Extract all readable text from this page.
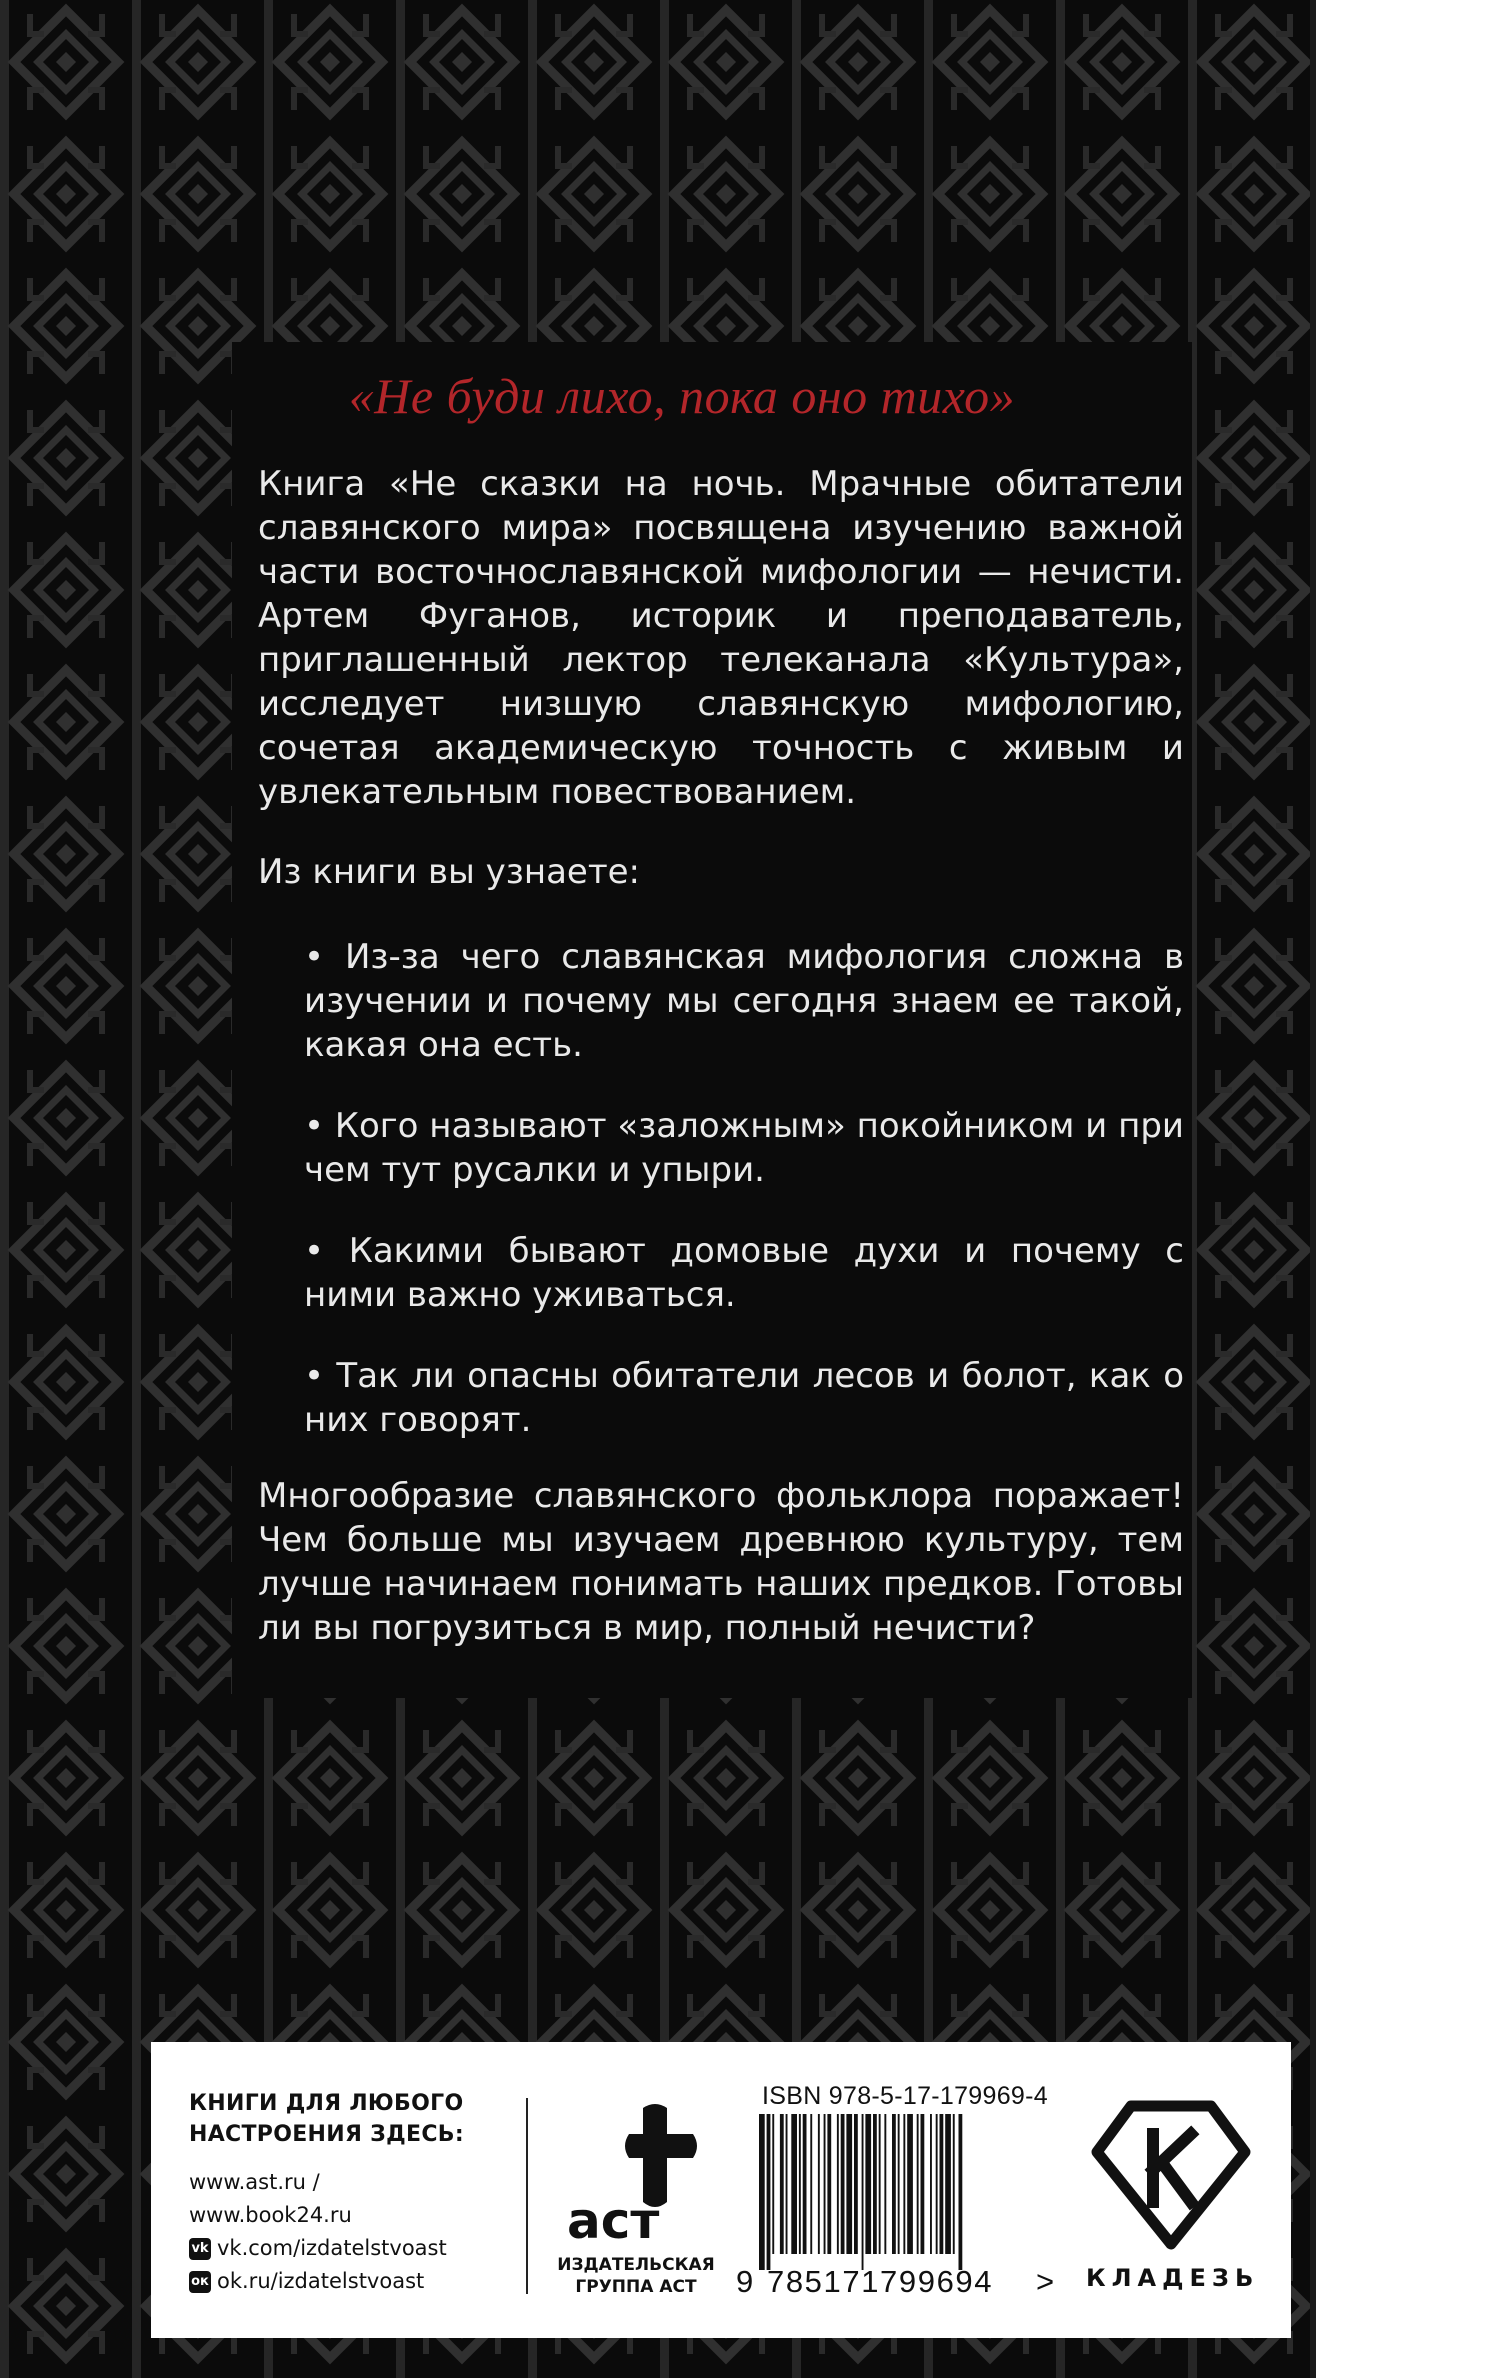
«Не буди лихо, пока оно тихо»
Книга «Не сказки на ночь. Мрачные обитатели славянского мира» посвящена изучению важной части восточнославянской мифологии — нечисти. Артем Фуганов, историк и преподаватель, приглашенный лектор телеканала «Культура», исследует низшую славянскую мифологию, сочетая академическую точность с живым и увлекательным повествованием.
Из книги вы узнаете:
• Из-за чего славянская мифология сложна в изучении и почему мы сегодня знаем ее такой, какая она есть.
• Кого называют «заложным» покойником и при чем тут русалки и упыри.
• Какими бывают домовые духи и почему с ними важно уживаться.
• Так ли опасны обитатели лесов и болот, как о них говорят.
Многообразие славянского фольклора поражает! Чем больше мы изучаем древнюю культуру, тем лучше начинаем понимать наших предков. Готовы ли вы погрузиться в мир, полный нечисти?
КНИГИ ДЛЯ ЛЮБОГО НАСТРОЕНИЯ ЗДЕСЬ:
www.ast.ru / www.book24.ru
vk vk.com/izdatelstvoast
ок ok.ru/izdatelstvoast
аст
ИЗДАТЕЛЬСКАЯ
ГРУППА АСТ
ISBN 978-5-17-179969-4
9 785171799694 > КЛАДЕЗЬ
